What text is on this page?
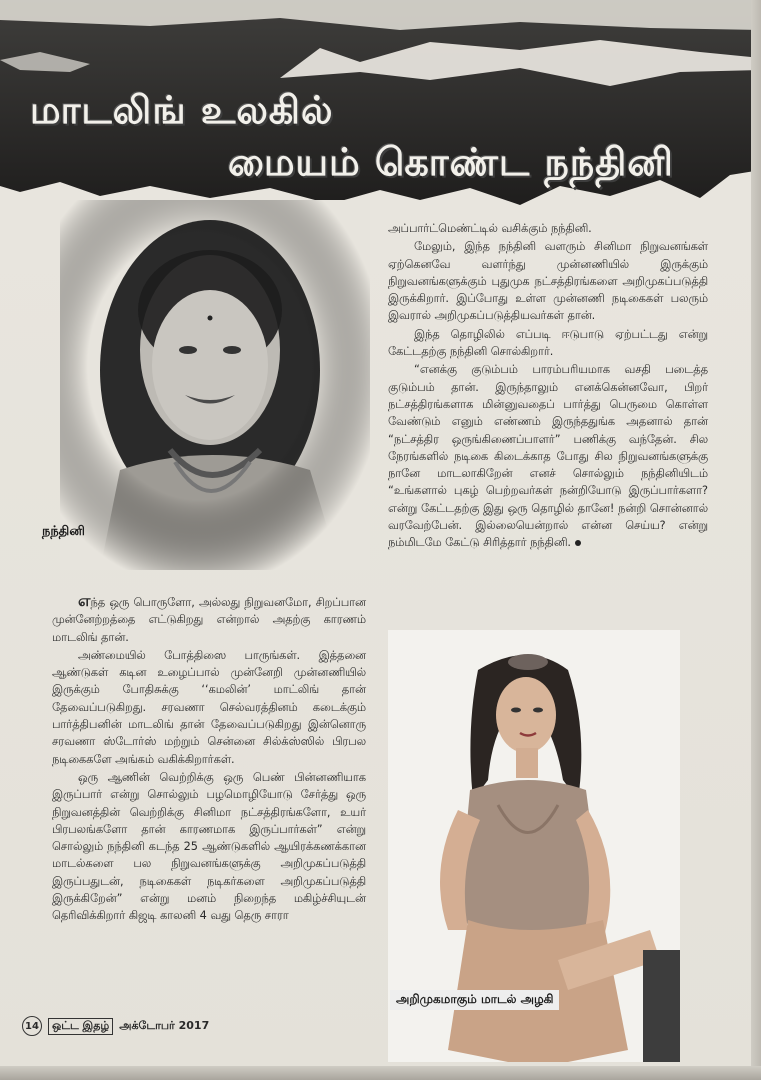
மாடலிங் உலகில்
மையம் கொண்ட நந்தினி

நந்தினி

அப்பார்ட்மெண்ட்டில் வசிக்கும் நந்தினி.

மேலும், இந்த நந்தினி வளரும் சினிமா நிறுவனங்கள் ஏற்கெனவே வளர்ந்து முன்னணியில் இருக்கும் நிறுவனங்களுக்கும் புதுமுக நட்சத்திரங்களை அறிமுகப்படுத்தி இருக்கிறார். இப்போது உள்ள முன்னணி நடிகைகள் பலரும் இவரால் அறிமுகப்படுத்தியவர்கள் தான்.

இந்த தொழிலில் எப்படி ஈடுபாடு ஏற்பட்டது என்று கேட்டதற்கு நந்தினி சொல்கிறார்.

“எனக்கு குடும்பம் பாரம்பரியமாக வசதி படைத்த குடும்பம் தான். இருந்தாலும் எனக்கென்னவோ, பிறர் நட்சத்திரங்களாக மின்னுவதைப் பார்த்து பெருமை கொள்ள வேண்டும் எனும் எண்ணம் இருந்ததுங்க அதனால் தான் “நட்சத்திர ஒருங்கிணைப்பாளர்” பணிக்கு வந்தேன். சில நேரங்களில் நடிகை கிடைக்காத போது சில நிறுவனங்களுக்கு நானே மாடலாகிறேன் எனச் சொல்லும் நந்தினியிடம் “உங்களால் புகழ் பெற்றவர்கள் நன்றியோடு இருப்பார்களா? என்று கேட்டதற்கு இது ஒரு தொழில் தானே! நன்றி சொன்னால் வரவேற்பேன். இல்லையென்றால் என்ன செய்ய? என்று நம்மிடமே கேட்டு சிரித்தார் நந்தினி.

எந்த ஒரு பொருளோ, அல்லது நிறுவனமோ, சிறப்பான முன்னேற்றத்தை எட்டுகிறது என்றால் அதற்கு காரணம் மாடலிங் தான்.

அண்மையில் போத்திஸை பாருங்கள். இத்தனை ஆண்டுகள் கடின உழைப்பால் முன்னேறி முன்னணியில் இருக்கும் போதிசுக்கு ‘‘கமலின்’ மாட்லிங் தான் தேவைப்படுகிறது. சரவணா செல்வரத்தினம் கடைக்கும் பார்த்திபனின் மாடலிங் தான் தேவைப்படுகிறது இன்னொரு சரவணா ஸ்டோர்ஸ் மற்றும் சென்னை சில்க்ஸ்ஸில் பிரபல நடிகைகளே அங்கம் வகிக்கிறார்கள்.

ஒரு ஆணின் வெற்றிக்கு ஒரு பெண் பின்னணியாக இருப்பார் என்று சொல்லும் பழமொழியோடு சேர்த்து ஒரு நிறுவனத்தின் வெற்றிக்கு சினிமா நட்சத்திரங்களோ, உயர் பிரபலங்களோ தான் காரணமாக இருப்பார்கள்” என்று சொல்லும் நந்தினி கடந்த 25 ஆண்டுகளில் ஆயிரக்கணக்கான மாடல்களை பல நிறுவனங்களுக்கு அறிமுகப்படுத்தி இருப்பதுடன், நடிகைகள் நடிகர்களை அறிமுகப்படுத்தி இருக்கிறேன்” என்று மனம் நிறைந்த மகிழ்ச்சியுடன் தெரிவிக்கிறார் கிஜடி காலனி 4 வது தெரு சாரா

அறிமுகமாகும் மாடல் அழகி

14	ஒட்ட இதழ் அக்டோபர் 2017
